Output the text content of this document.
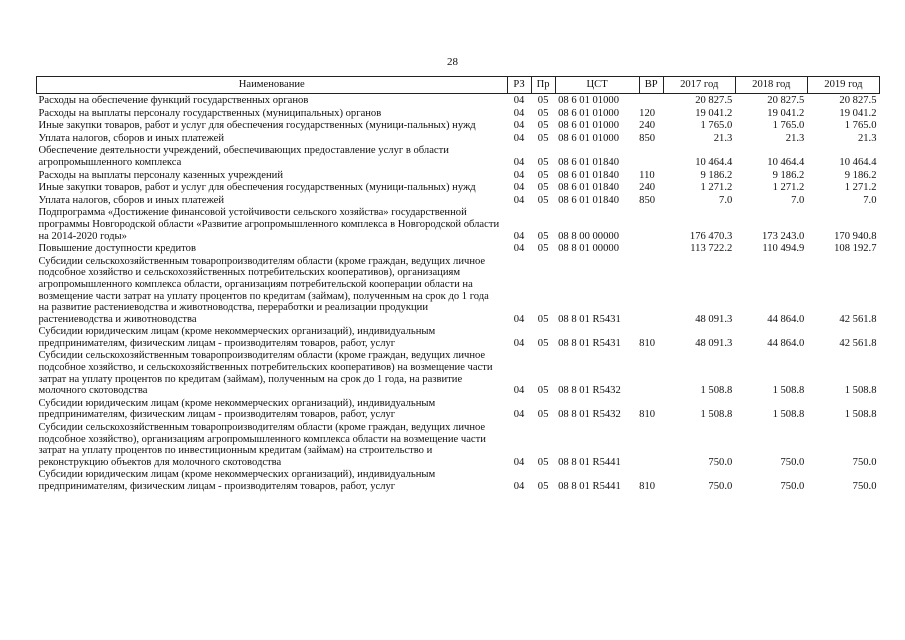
28
Наименование	РЗ	Пр	ЦСТ	ВР	2017 год	2018 год	2019 год
Расходы на обеспечение функций государственных органов	04	05	08 6 01 01000		20 827.5	20 827.5	20 827.5
Расходы на выплаты персоналу государственных (муниципальных) органов	04	05	08 6 01 01000	120	19 041.2	19 041.2	19 041.2
Иные закупки товаров, работ и услуг для обеспечения государственных (муници-пальных) нужд	04	05	08 6 01 01000	240	1 765.0	1 765.0	1 765.0
Уплата налогов, сборов и иных платежей	04	05	08 6 01 01000	850	21.3	21.3	21.3
Обеспечение деятельности учреждений, обеспечивающих предоставление услуг в области агропромышленного комплекса	04	05	08 6 01 01840		10 464.4	10 464.4	10 464.4
Расходы на выплаты персоналу казенных учреждений	04	05	08 6 01 01840	110	9 186.2	9 186.2	9 186.2
Иные закупки товаров, работ и услуг для обеспечения государственных (муници-пальных) нужд	04	05	08 6 01 01840	240	1 271.2	1 271.2	1 271.2
Уплата налогов, сборов и иных платежей	04	05	08 6 01 01840	850	7.0	7.0	7.0
Подпрограмма «Достижение финансовой устойчивости сельского хозяйства» государственной программы Новгородской области «Развитие агропромышленного комплекса в Новгородской области на 2014-2020 годы»	04	05	08 8 00 00000		176 470.3	173 243.0	170 940.8
Повышение доступности кредитов	04	05	08 8 01 00000		113 722.2	110 494.9	108 192.7
Субсидии сельскохозяйственным товаропроизводителям области (кроме граждан, ведущих личное подсобное хозяйство и сельскохозяйственных потребительских кооперативов), организациям агропромышленного комплекса области, организациям потребительской кооперации области на возмещение части затрат на уплату процентов по кредитам (займам), полученным на срок до 1 года на развитие растениеводства и животноводства, переработки и реализации продукции растениеводства и животноводства	04	05	08 8 01 R5431		48 091.3	44 864.0	42 561.8
Субсидии юридическим лицам (кроме некоммерческих организаций), индивидуальным предпринимателям, физическим лицам - производителям товаров, работ, услуг	04	05	08 8 01 R5431	810	48 091.3	44 864.0	42 561.8
Субсидии сельскохозяйственным товаропроизводителям области (кроме граждан, ведущих личное подсобное хозяйство, и сельскохозяйственных потребительских кооперативов) на возмещение части затрат на уплату процентов по кредитам (займам), полученным на срок до 1 года, на развитие молочного скотоводства	04	05	08 8 01 R5432		1 508.8	1 508.8	1 508.8
Субсидии юридическим лицам (кроме некоммерческих организаций), индивидуальным предпринимателям, физическим лицам - производителям товаров, работ, услуг	04	05	08 8 01 R5432	810	1 508.8	1 508.8	1 508.8
Субсидии сельскохозяйственным товаропроизводителям области (кроме граждан, ведущих личное подсобное хозяйство), организациям агропромышленного комплекса области на возмещение части затрат на уплату процентов по инвестиционным кредитам (займам) на строительство и реконструкцию объектов для молочного скотоводства	04	05	08 8 01 R5441		750.0	750.0	750.0
Субсидии юридическим лицам (кроме некоммерческих организаций), индивидуальным предпринимателям, физическим лицам - производителям товаров, работ, услуг	04	05	08 8 01 R5441	810	750.0	750.0	750.0
